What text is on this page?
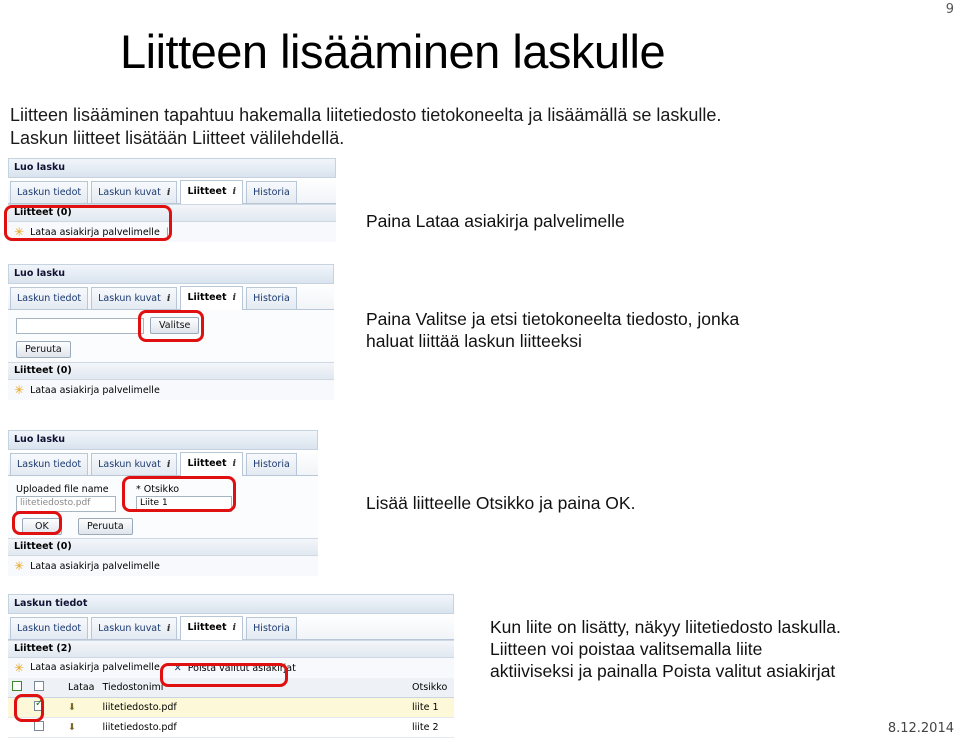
9
Liitteen lisääminen laskulle
Liitteen lisääminen tapahtuu hakemalla liitetiedosto tietokoneelta ja lisäämällä se laskulle.
Laskun liitteet lisätään Liitteet välilehdellä.
Luo lasku
Laskun tiedot Laskun kuvat i Liitteet i Historia
Liitteet (0)
✳ Lataa asiakirja palvelimelle |
Paina Lataa asiakirja palvelimelle
Luo lasku
Laskun tiedot Laskun kuvat i Liitteet i Historia
Valitse
Peruuta
Liitteet (0)
✳ Lataa asiakirja palvelimelle
Paina Valitse ja etsi tietokoneelta tiedosto, jonka
haluat liittää laskun liitteeksi
Luo lasku
Laskun tiedot Laskun kuvat i Liitteet i Historia
Uploaded file name
liitetiedosto.pdf
* Otsikko
Liite 1
OK	Peruuta
Liitteet (0)
✳ Lataa asiakirja palvelimelle
Lisää liitteelle Otsikko ja paina OK.
Laskun tiedot
Laskun tiedot Laskun kuvat i Liitteet i Historia
Liitteet (2)
✳ Lataa asiakirja palvelimelle ✕ Poista valitut asiakirjat
		Lataa	Tiedostonimi	Otsikko
	✓	⬇	liitetiedosto.pdf	liite 1
		⬇	liitetiedosto.pdf	liite 2
Kun liite on lisätty, näkyy liitetiedosto laskulla.
Liitteen voi poistaa valitsemalla liite
aktiiviseksi ja painalla Poista valitut asiakirjat
8.12.2014
